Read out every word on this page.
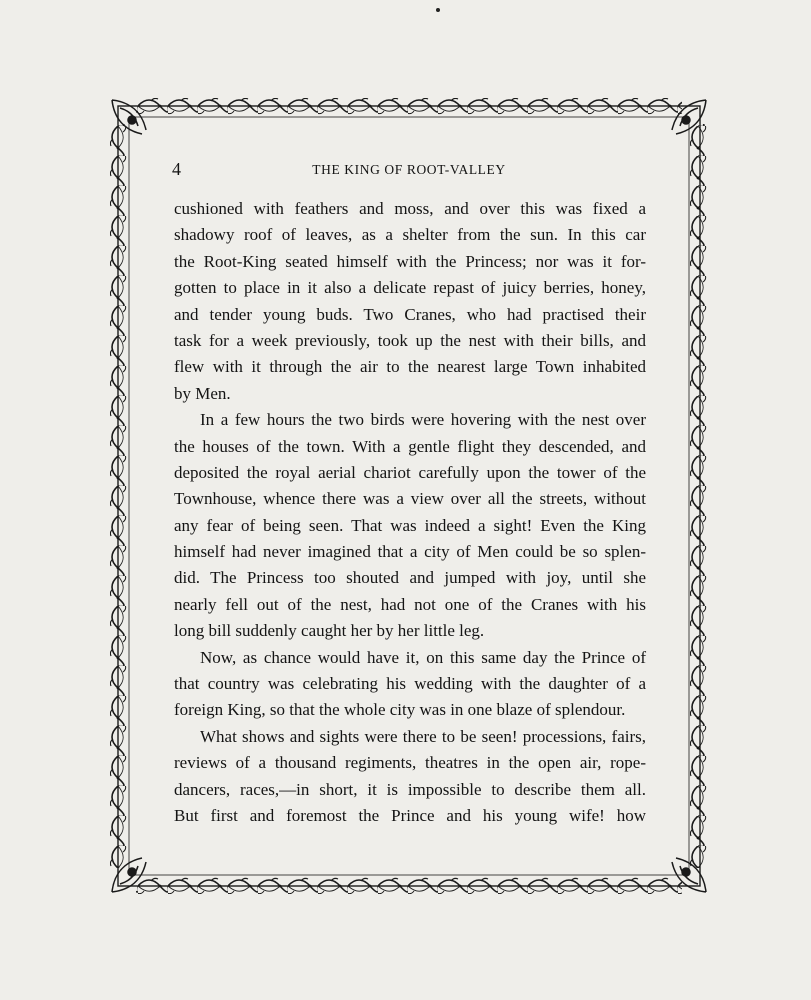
4	THE KING OF ROOT-VALLEY
cushioned with feathers and moss, and over this was fixed a
shadowy roof of leaves, as a shelter from the sun. In this car
the Root-King seated himself with the Princess; nor was it for-
gotten to place in it also a delicate repast of juicy berries, honey,
and tender young buds. Two Cranes, who had practised their
task for a week previously, took up the nest with their bills, and
flew with it through the air to the nearest large Town inhabited
by Men.
In a few hours the two birds were hovering with the nest over
the houses of the town. With a gentle flight they descended, and
deposited the royal aerial chariot carefully upon the tower of the
Townhouse, whence there was a view over all the streets, without
any fear of being seen. That was indeed a sight! Even the King
himself had never imagined that a city of Men could be so splen-
did. The Princess too shouted and jumped with joy, until she
nearly fell out of the nest, had not one of the Cranes with his
long bill suddenly caught her by her little leg.
Now, as chance would have it, on this same day the Prince of
that country was celebrating his wedding with the daughter of a
foreign King, so that the whole city was in one blaze of splendour.
What shows and sights were there to be seen! processions, fairs,
reviews of a thousand regiments, theatres in the open air, rope-
dancers, races,—in short, it is impossible to describe them all.
But first and foremost the Prince and his young wife! how
